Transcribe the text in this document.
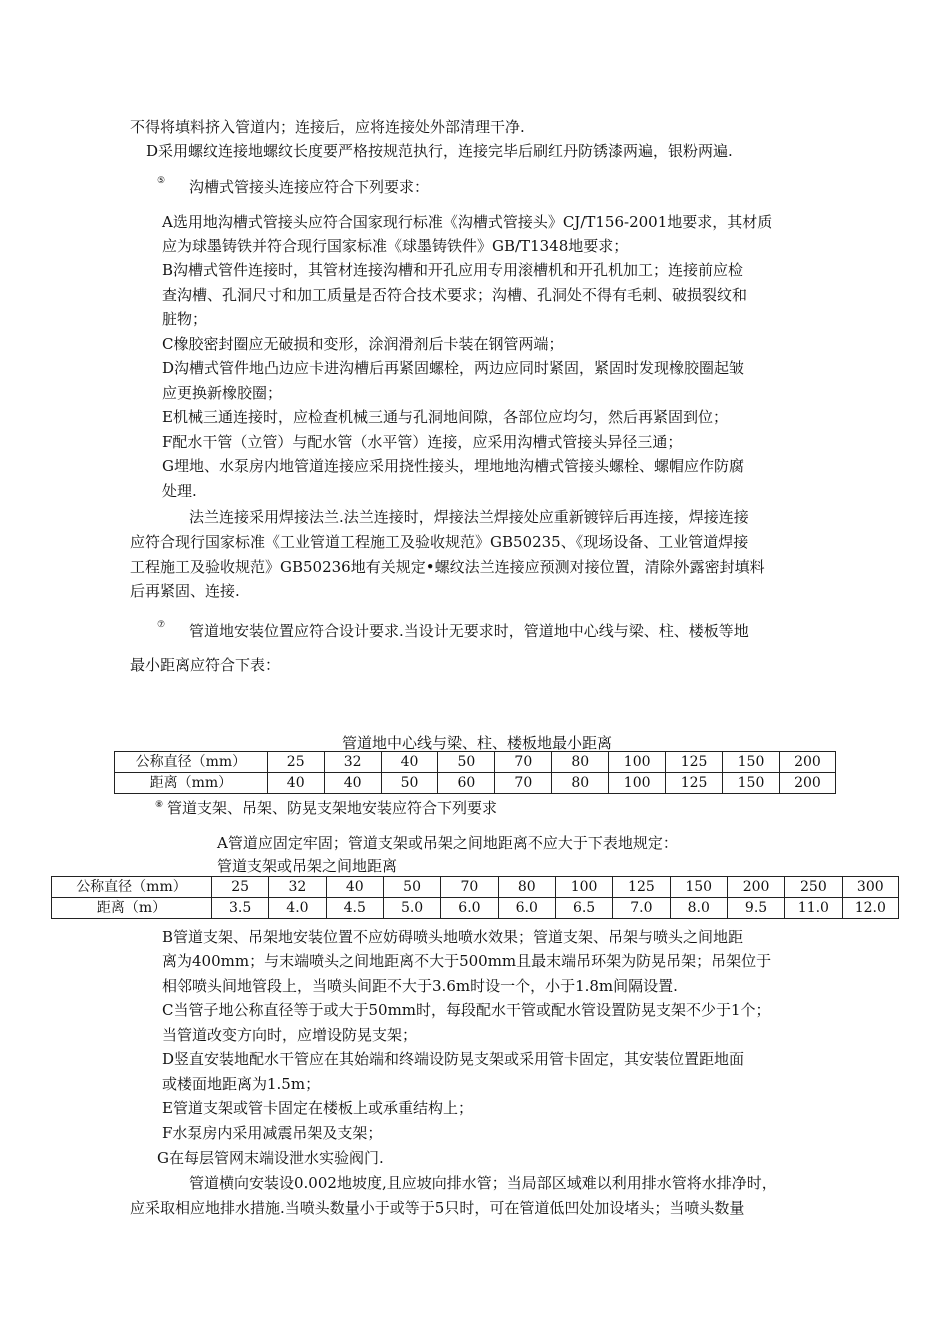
不得将填料挤入管道内；连接后，应将连接处外部清理干净.
D采用螺纹连接地螺纹长度要严格按规范执行，连接完毕后刷红丹防锈漆两遍，银粉两遍.
⑤ 沟槽式管接头连接应符合下列要求：
A选用地沟槽式管接头应符合国家现行标准《沟槽式管接头》CJ/T156-2001地要求，其材质
应为球墨铸铁并符合现行国家标准《球墨铸铁件》GB/T1348地要求；
B沟槽式管件连接时，其管材连接沟槽和开孔应用专用滚槽机和开孔机加工；连接前应检
查沟槽、孔洞尺寸和加工质量是否符合技术要求；沟槽、孔洞处不得有毛刺、破损裂纹和
脏物；
C橡胶密封圈应无破损和变形，涂润滑剂后卡装在钢管两端；
D沟槽式管件地凸边应卡进沟槽后再紧固螺栓，两边应同时紧固，紧固时发现橡胶圈起皱
应更换新橡胶圈；
E机械三通连接时，应检查机械三通与孔洞地间隙，各部位应均匀，然后再紧固到位；
F配水干管（立管）与配水管（水平管）连接，应采用沟槽式管接头异径三通；
G埋地、水泵房内地管道连接应采用挠性接头，埋地地沟槽式管接头螺栓、螺帽应作防腐
处理.
法兰连接采用焊接法兰.法兰连接时，焊接法兰焊接处应重新镀锌后再连接，焊接连接
应符合现行国家标准《工业管道工程施工及验收规范》GB50235、《现场设备、工业管道焊接
工程施工及验收规范》GB50236地有关规定•螺纹法兰连接应预测对接位置，清除外露密封填料
后再紧固、连接.
⑦ 管道地安装位置应符合设计要求.当设计无要求时，管道地中心线与梁、柱、楼板等地
最小距离应符合下表：
管道地中心线与梁、柱、楼板地最小距离
公称直径（mm）	25	32	40	50	70	80	100	125	150	200
距离（mm）	40	40	50	60	70	80	100	125	150	200
⑧ 管道支架、吊架、防晃支架地安装应符合下列要求
A管道应固定牢固；管道支架或吊架之间地距离不应大于下表地规定：
管道支架或吊架之间地距离
公称直径（mm）	25	32	40	50	70	80	100	125	150	200	250	300
距离（m）	3.5	4.0	4.5	5.0	6.0	6.0	6.5	7.0	8.0	9.5	11.0	12.0
B管道支架、吊架地安装位置不应妨碍喷头地喷水效果；管道支架、吊架与喷头之间地距
离为400mm；与末端喷头之间地距离不大于500mm且最末端吊环架为防晃吊架；吊架位于
相邻喷头间地管段上，当喷头间距不大于3.6m时设一个，小于1.8m间隔设置.
C当管子地公称直径等于或大于50mm时，每段配水干管或配水管设置防晃支架不少于1个；
当管道改变方向时，应增设防晃支架；
D竖直安装地配水干管应在其始端和终端设防晃支架或采用管卡固定，其安装位置距地面
或楼面地距离为1.5m；
E管道支架或管卡固定在楼板上或承重结构上；
F水泵房内采用减震吊架及支架；
G在每层管网末端设泄水实验阀门.
管道横向安装设0.002地坡度,且应坡向排水管；当局部区域难以利用排水管将水排净时，
应采取相应地排水措施.当喷头数量小于或等于5只时，可在管道低凹处加设堵头；当喷头数量
